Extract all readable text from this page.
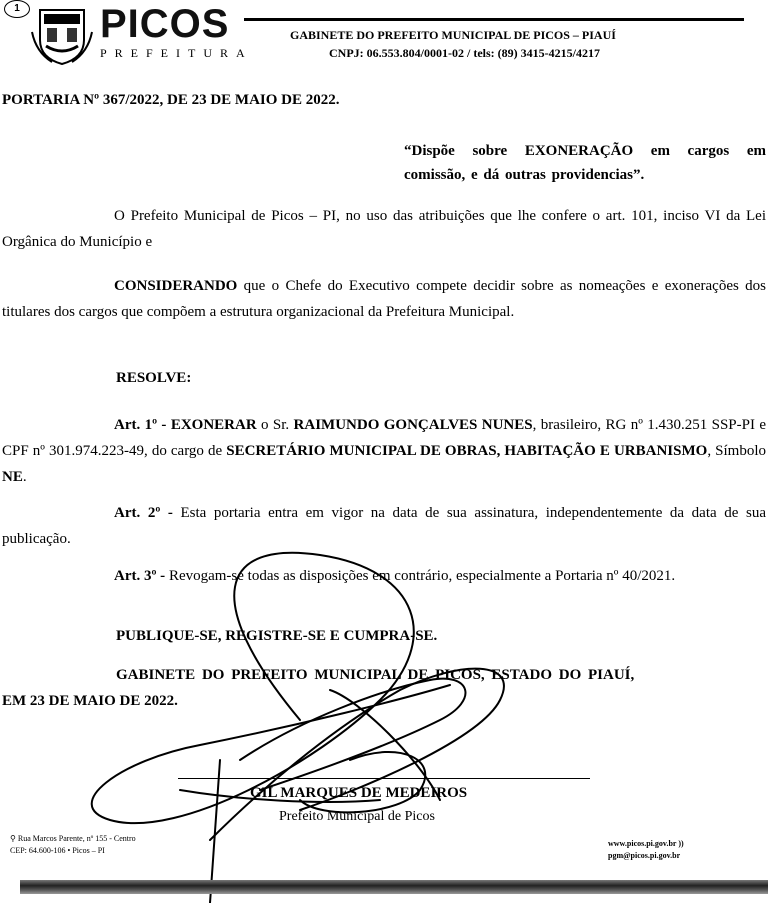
1 PICOS
PREFEITURA
GABINETE DO PREFEITO MUNICIPAL DE PICOS – PIAUÍ
CNPJ: 06.553.804/0001-02 / tels: (89) 3415-4215/4217
PORTARIA Nº 367/2022, DE 23 DE MAIO DE 2022.
“Dispõe sobre EXONERAÇÃO em cargos em comissão, e dá outras providencias”.
O Prefeito Municipal de Picos – PI, no uso das atribuições que lhe confere o art. 101, inciso VI da Lei Orgânica do Município e
CONSIDERANDO que o Chefe do Executivo compete decidir sobre as nomeações e exonerações dos titulares dos cargos que compõem a estrutura organizacional da Prefeitura Municipal.
RESOLVE:
Art. 1º - EXONERAR o Sr. RAIMUNDO GONÇALVES NUNES, brasileiro, RG nº 1.430.251 SSP-PI e CPF nº 301.974.223-49, do cargo de SECRETÁRIO MUNICIPAL DE OBRAS, HABITAÇÃO E URBANISMO, Símbolo NE.
Art. 2º - Esta portaria entra em vigor na data de sua assinatura, independentemente da data de sua publicação.
Art. 3º - Revogam-se todas as disposições em contrário, especialmente a Portaria nº 40/2021.
PUBLIQUE-SE, REGISTRE-SE E CUMPRA-SE.
GABINETE DO PREFEITO MUNICIPAL DE PICOS, ESTADO DO PIAUÍ,
EM 23 DE MAIO DE 2022.
GIL MARQUES DE MEDEIROS
Prefeito Municipal de Picos
⚲ Rua Marcos Parente, nº 155 - Centro
CEP: 64.600-106 • Picos – PI
www.picos.pi.gov.br ))
pgm@picos.pi.gov.br
